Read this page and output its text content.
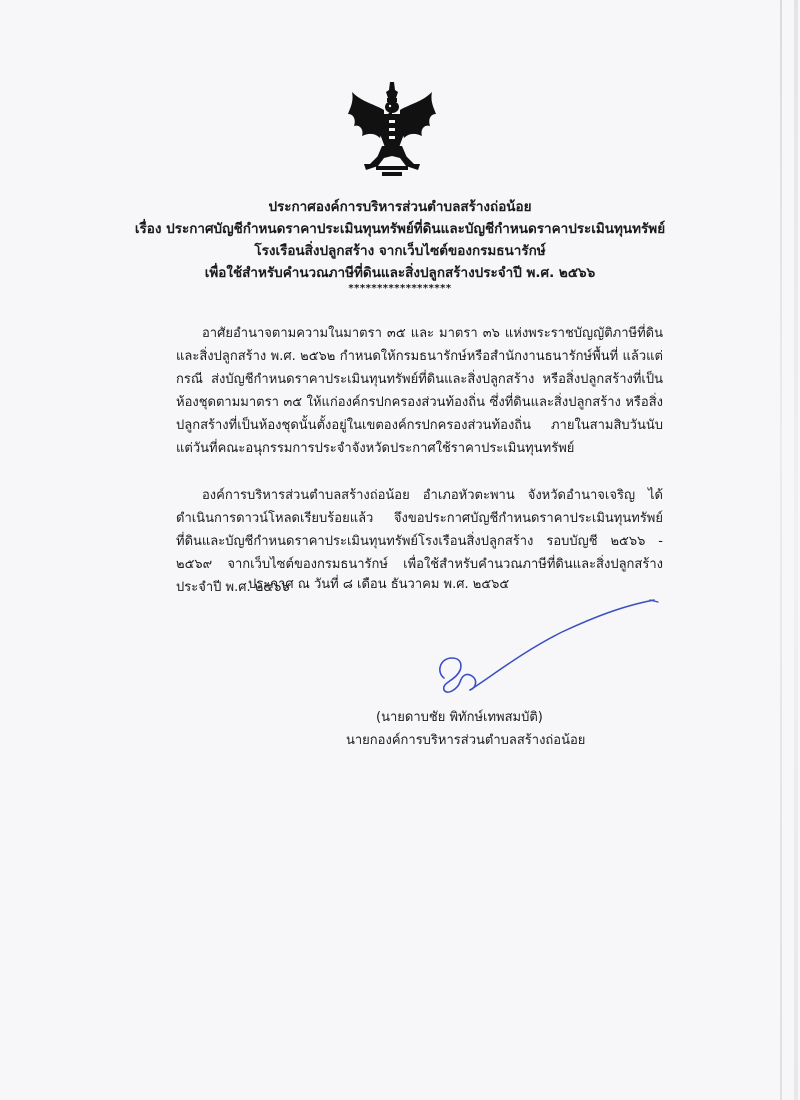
ประกาศองค์การบริหารส่วนตำบลสร้างถ่อน้อย
เรื่อง ประกาศบัญชีกำหนดราคาประเมินทุนทรัพย์ที่ดินและบัญชีกำหนดราคาประเมินทุนทรัพย์
โรงเรือนสิ่งปลูกสร้าง จากเว็บไซต์ของกรมธนารักษ์
เพื่อใช้สำหรับคำนวณภาษีที่ดินและสิ่งปลูกสร้างประจำปี พ.ศ. ๒๕๖๖
******************
อาศัยอำนาจตามความในมาตรา ๓๕ และ มาตรา ๓๖ แห่งพระราชบัญญัติภาษีที่ดินและสิ่งปลูกสร้าง พ.ศ. ๒๕๖๒ กำหนดให้กรมธนารักษ์หรือสำนักงานธนารักษ์พื้นที่ แล้วแต่กรณี ส่งบัญชีกำหนดราคาประเมินทุนทรัพย์ที่ดินและสิ่งปลูกสร้าง หรือสิ่งปลูกสร้างที่เป็นห้องชุดตามมาตรา ๓๕ ให้แก่องค์กรปกครองส่วนท้องถิ่น ซึ่งที่ดินและสิ่งปลูกสร้าง หรือสิ่งปลูกสร้างที่เป็นห้องชุดนั้นตั้งอยู่ในเขตองค์กรปกครองส่วนท้องถิ่น ภายในสามสิบวันนับแต่วันที่คณะอนุกรรมการประจำจังหวัดประกาศใช้ราคาประเมินทุนทรัพย์
องค์การบริหารส่วนตำบลสร้างถ่อน้อย อำเภอหัวตะพาน จังหวัดอำนาจเจริญ ได้ดำเนินการดาวน์โหลดเรียบร้อยแล้ว จึงขอประกาศบัญชีกำหนดราคาประเมินทุนทรัพย์ที่ดินและบัญชีกำหนดราคาประเมินทุนทรัพย์โรงเรือนสิ่งปลูกสร้าง รอบบัญชี ๒๕๖๖ - ๒๕๖๙ จากเว็บไซต์ของกรมธนารักษ์ เพื่อใช้สำหรับคำนวณภาษีที่ดินและสิ่งปลูกสร้าง ประจำปี พ.ศ. ๒๕๖๖
ประกาศ ณ วันที่ ๘ เดือน ธันวาคม พ.ศ. ๒๕๖๕
(นายดาบชัย พิทักษ์เทพสมบัติ)
นายกองค์การบริหารส่วนตำบลสร้างถ่อน้อย
